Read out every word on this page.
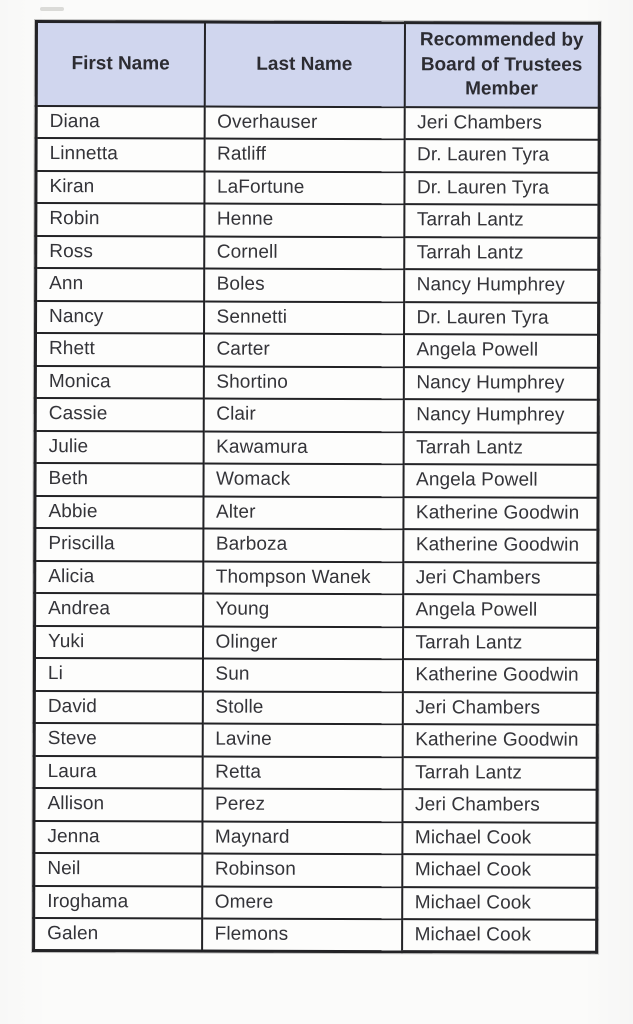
First Name	Last Name	Recommended by Board of Trustees Member
Diana	Overhauser	Jeri Chambers
Linnetta	Ratliff	Dr. Lauren Tyra
Kiran	LaFortune	Dr. Lauren Tyra
Robin	Henne	Tarrah Lantz
Ross	Cornell	Tarrah Lantz
Ann	Boles	Nancy Humphrey
Nancy	Sennetti	Dr. Lauren Tyra
Rhett	Carter	Angela Powell
Monica	Shortino	Nancy Humphrey
Cassie	Clair	Nancy Humphrey
Julie	Kawamura	Tarrah Lantz
Beth	Womack	Angela Powell
Abbie	Alter	Katherine Goodwin
Priscilla	Barboza	Katherine Goodwin
Alicia	Thompson Wanek	Jeri Chambers
Andrea	Young	Angela Powell
Yuki	Olinger	Tarrah Lantz
Li	Sun	Katherine Goodwin
David	Stolle	Jeri Chambers
Steve	Lavine	Katherine Goodwin
Laura	Retta	Tarrah Lantz
Allison	Perez	Jeri Chambers
Jenna	Maynard	Michael Cook
Neil	Robinson	Michael Cook
Iroghama	Omere	Michael Cook
Galen	Flemons	Michael Cook
